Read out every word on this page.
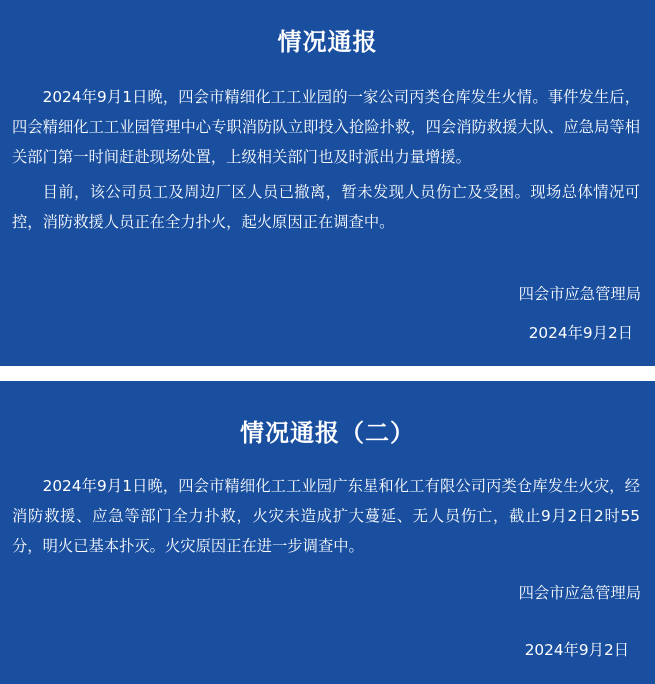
情况通报

2024年9月1日晚，四会市精细化工工业园的一家公司丙类仓库发生火情。事件发生后，四会精细化工工业园管理中心专职消防队立即投入抢险扑救，四会消防救援大队、应急局等相关部门第一时间赶赴现场处置，上级相关部门也及时派出力量增援。

目前，该公司员工及周边厂区人员已撤离，暂未发现人员伤亡及受困。现场总体情况可控，消防救援人员正在全力扑火，起火原因正在调查中。

四会市应急管理局

2024年9月2日

情况通报（二）

2024年9月1日晚，四会市精细化工工业园广东星和化工有限公司丙类仓库发生火灾，经消防救援、应急等部门全力扑救，火灾未造成扩大蔓延、无人员伤亡，截止9月2日2时55分，明火已基本扑灭。火灾原因正在进一步调查中。

四会市应急管理局

2024年9月2日
